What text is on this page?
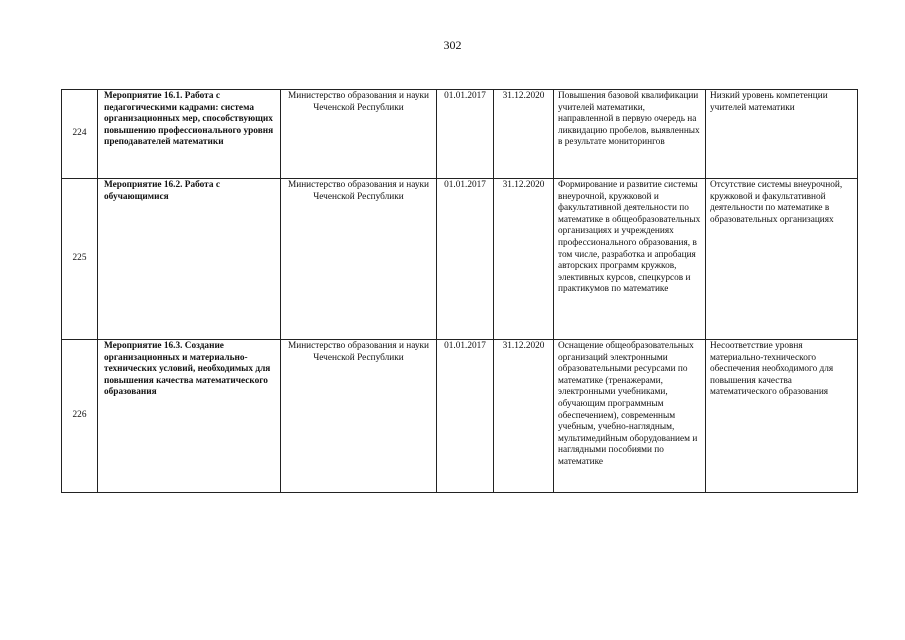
302
224	Мероприятие 16.1. Работа с педагогическими кадрами: система организационных мер, способствующих повышению профессионального уровня преподавателей математики	Министерство образования и науки Чеченской Республики	01.01.2017	31.12.2020	Повышения базовой квалификации учителей математики, направленной в первую очередь на ликвидацию пробелов, выявленных в результате мониторингов	Низкий уровень компетенции учителей математики
225	Мероприятие 16.2. Работа с обучающимися	Министерство образования и науки Чеченской Республики	01.01.2017	31.12.2020	Формирование и развитие системы внеурочной, кружковой и факультативной деятельности по математике в общеобразовательных организациях и учреждениях профессионального образования, в том числе, разработка и апробация авторских программ кружков, элективных курсов, спецкурсов и практикумов по математике	Отсутствие системы внеурочной, кружковой и факультативной деятельности по математике в образовательных организациях
226	Мероприятие 16.3. Создание организационных и материально-технических условий, необходимых для повышения качества математического образования	Министерство образования и науки Чеченской Республики	01.01.2017	31.12.2020	Оснащение общеобразовательных организаций электронными образовательными ресурсами по математике (тренажерами, электронными учебниками, обучающим программным обеспечением), современным учебным, учебно-наглядным, мультимедийным оборудованием и наглядными пособиями по математике	Несоответствие уровня материально-технического обеспечения необходимого для повышения качества математического образования
